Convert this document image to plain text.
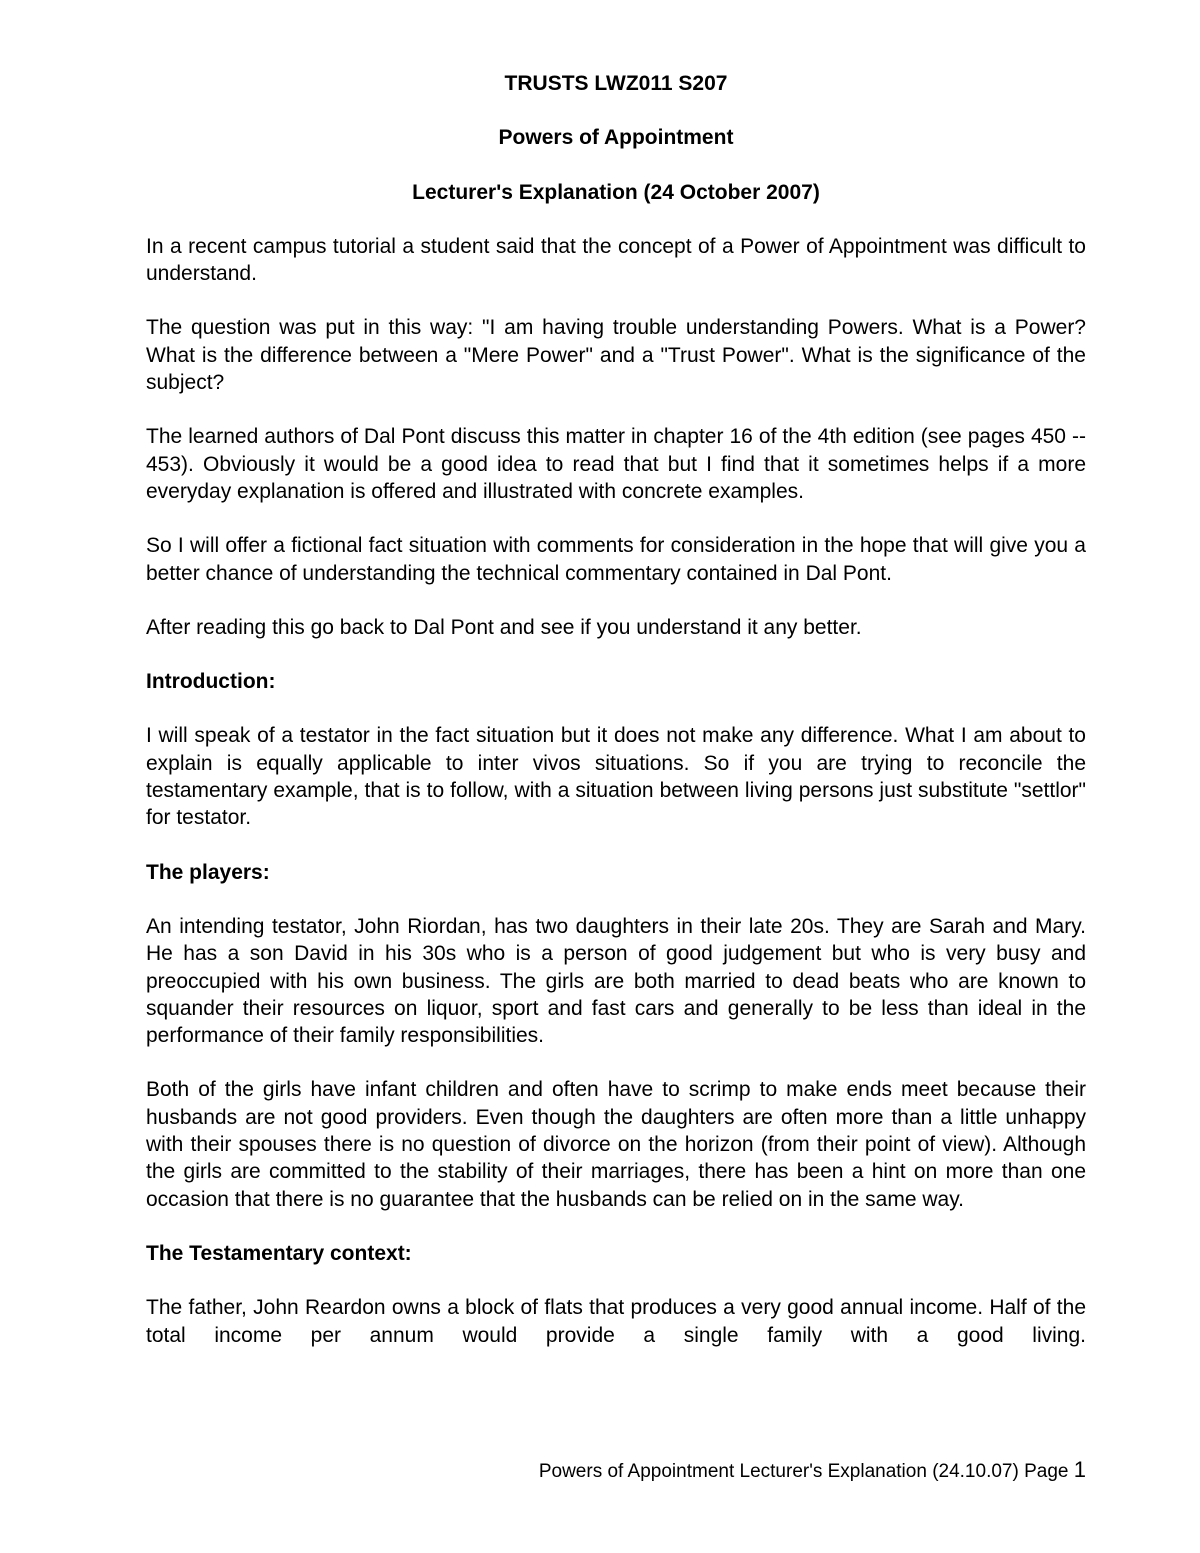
TRUSTS LWZ011 S207
Powers of Appointment
Lecturer's Explanation (24 October 2007)

In a recent campus tutorial a student said that the concept of a Power of Appointment was difficult to understand.

The question was put in this way: "I am having trouble understanding Powers. What is a Power? What is the difference between a "Mere Power" and a "Trust Power". What is the significance of the subject?

The learned authors of Dal Pont discuss this matter in chapter 16 of the 4th edition (see pages 450 -- 453). Obviously it would be a good idea to read that but I find that it sometimes helps if a more everyday explanation is offered and illustrated with concrete examples.

So I will offer a fictional fact situation with comments for consideration in the hope that will give you a better chance of understanding the technical commentary contained in Dal Pont.

After reading this go back to Dal Pont and see if you understand it any better.

Introduction:

I will speak of a testator in the fact situation but it does not make any difference. What I am about to explain is equally applicable to inter vivos situations. So if you are trying to reconcile the testamentary example, that is to follow, with a situation between living persons just substitute "settlor" for testator.

The players:

An intending testator, John Riordan, has two daughters in their late 20s. They are Sarah and Mary. He has a son David in his 30s who is a person of good judgement but who is very busy and preoccupied with his own business. The girls are both married to dead beats who are known to squander their resources on liquor, sport and fast cars and generally to be less than ideal in the performance of their family responsibilities.

Both of the girls have infant children and often have to scrimp to make ends meet because their husbands are not good providers. Even though the daughters are often more than a little unhappy with their spouses there is no question of divorce on the horizon (from their point of view). Although the girls are committed to the stability of their marriages, there has been a hint on more than one occasion that there is no guarantee that the husbands can be relied on in the same way.

The Testamentary context:

The father, John Reardon owns a block of flats that produces a very good annual income. Half of the total income per annum would provide a single family with a good living.

Powers of Appointment Lecturer's Explanation (24.10.07) Page 1
